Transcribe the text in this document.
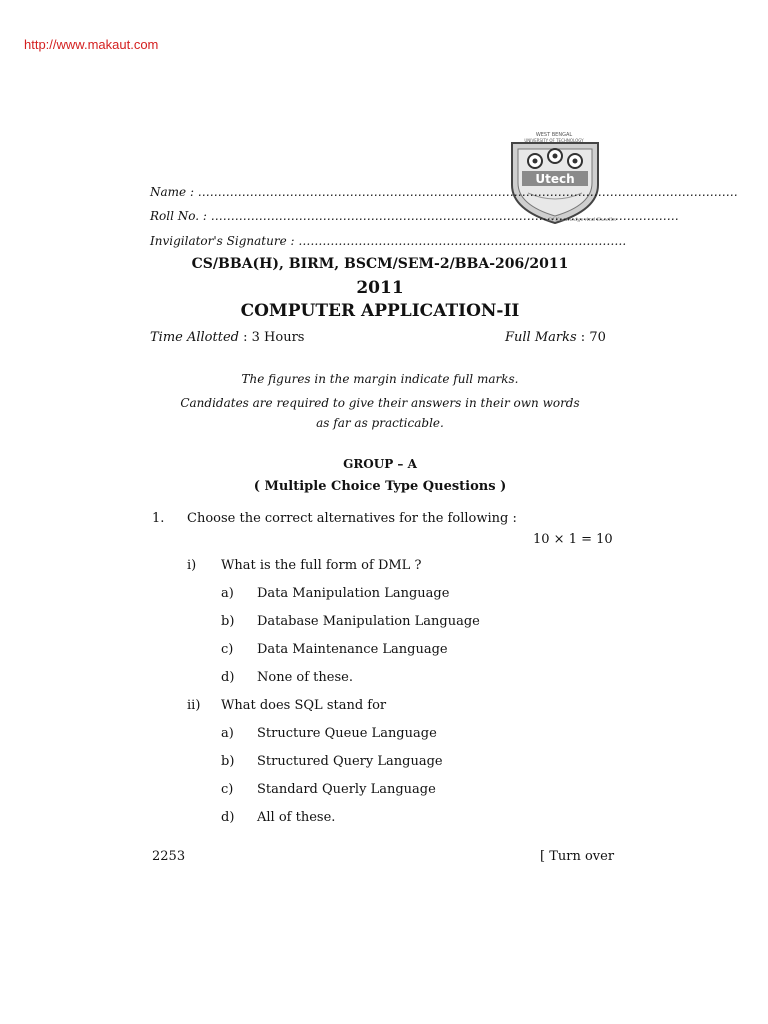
http://www.makaut.com
WEST BENGAL
UNIVERSITY OF TECHNOLOGY
Utech
Of Knowledge And Excelle
Name : ………………………………………………………………………………………………………………………
Roll No. : ………………………………………………………………………………………………………
Invigilator's Signature : ……………………………………………………………………….
CS/BBA(H), BIRM, BSCM/SEM-2/BBA-206/2011
2011
COMPUTER APPLICATION-II
Time Allotted : 3 Hours	Full Marks : 70
The figures in the margin indicate full marks.
Candidates are required to give their answers in their own words
as far as practicable.
GROUP – A
( Multiple Choice Type Questions )
1. Choose the correct alternatives for the following :
10 × 1 = 10
i) What is the full form of DML ?
a) Data Manipulation Language
b) Database Manipulation Language
c) Data Maintenance Language
d) None of these.
ii) What does SQL stand for
a) Structure Queue Language
b) Structured Query Language
c) Standard Querly Language
d) All of these.
2253	[ Turn over
